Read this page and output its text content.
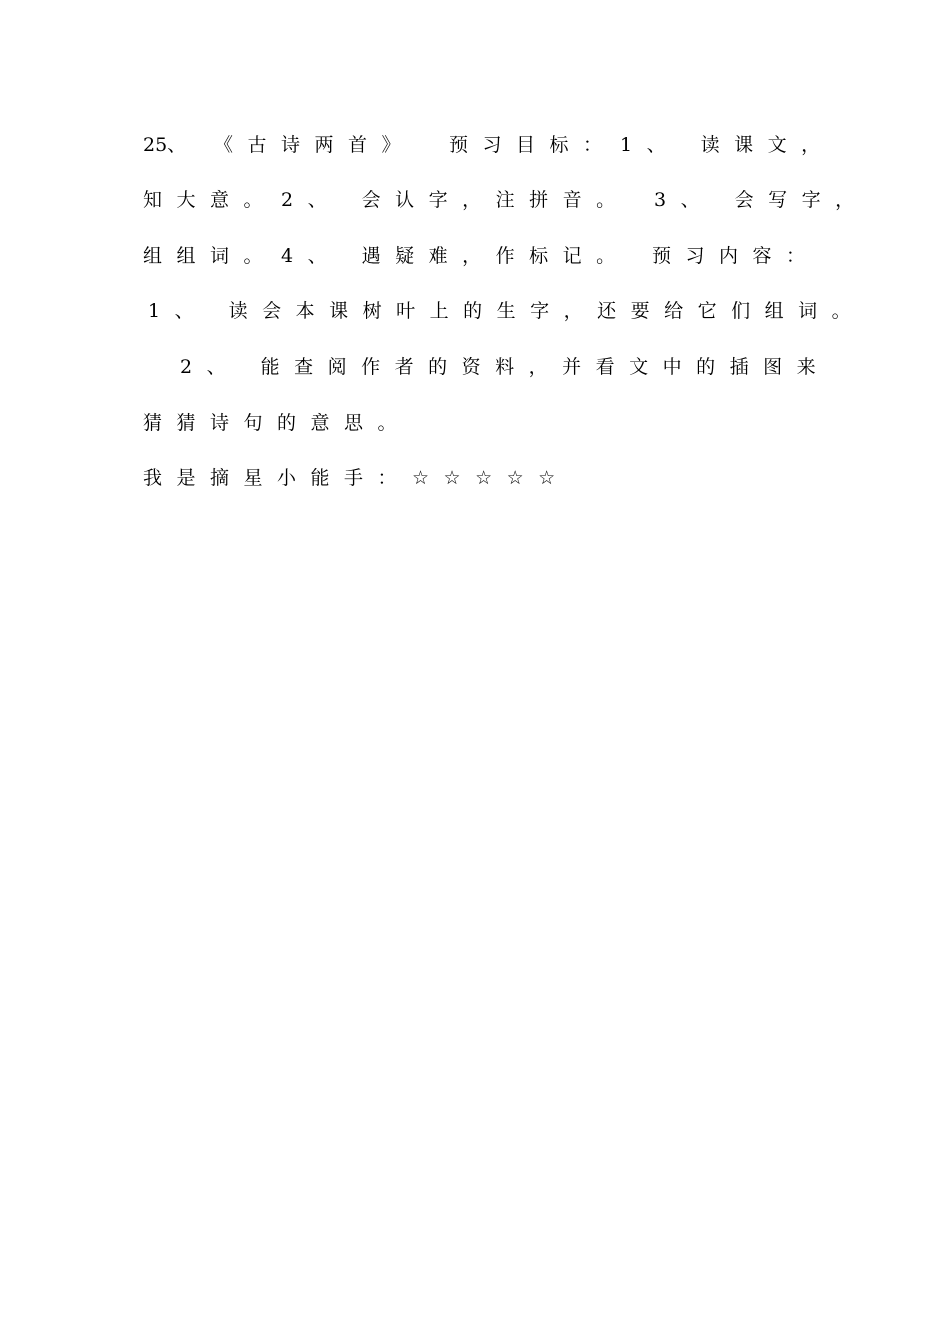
25、 《古诗两首》 预习目标： 1、 读课文，
知大意。 2、 会认字，注拼音。 3、 会写字，
组组词。 4、 遇疑难，作标记。 预习内容：
1、 读会本课树叶上的生字，还要给它们组词。
2、 能查阅作者的资料，并看文中的插图来
猜猜诗句的意思。
我是摘星小能手： ☆☆☆☆☆
